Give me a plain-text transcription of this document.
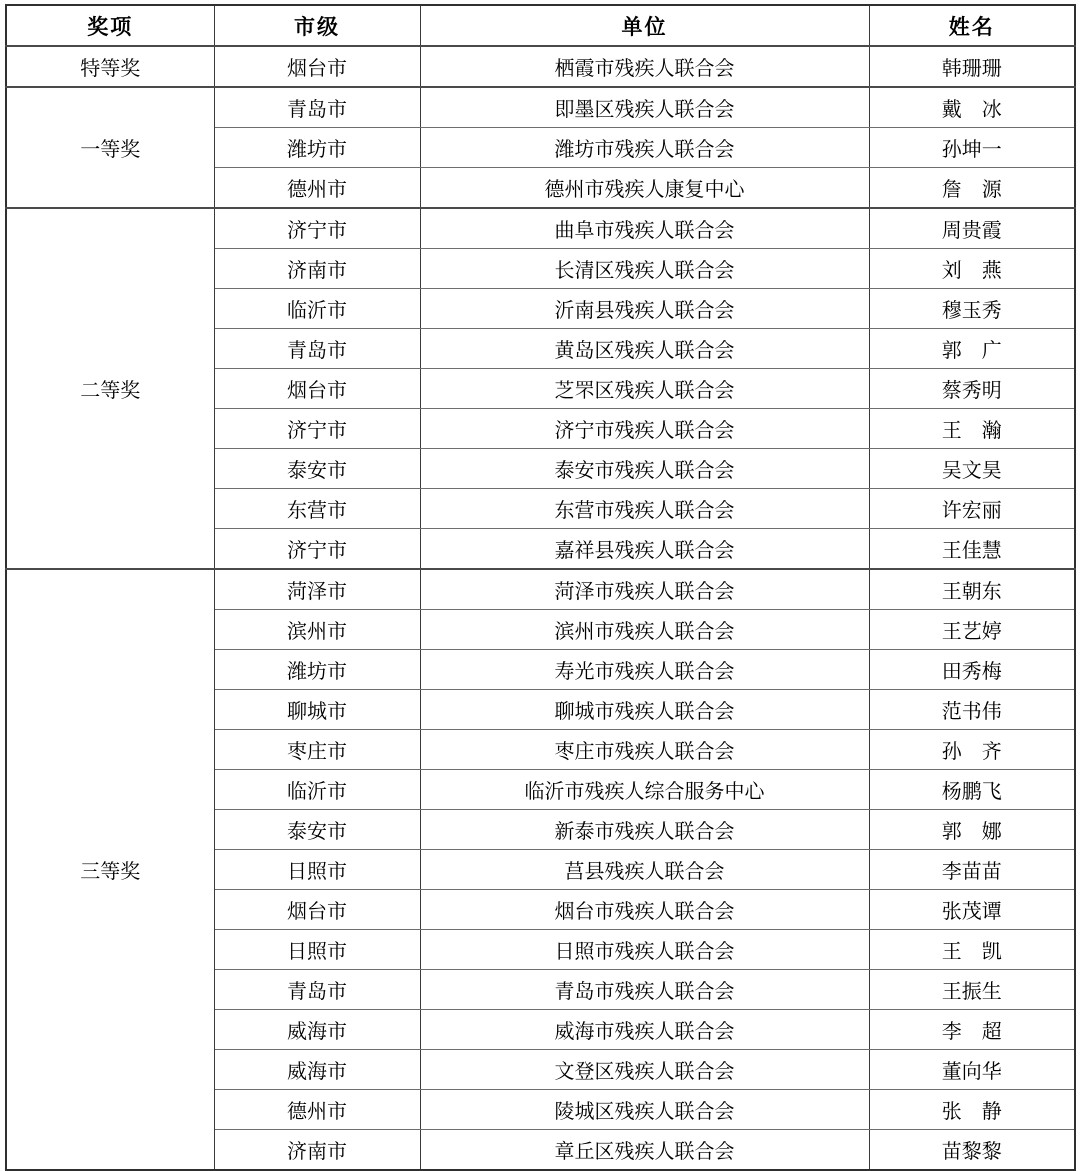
奖项	市级	单位	姓名
特等奖	烟台市	栖霞市残疾人联合会	韩珊珊
一等奖	青岛市	即墨区残疾人联合会	戴　冰
	潍坊市	潍坊市残疾人联合会	孙坤一
	德州市	德州市残疾人康复中心	詹　源
二等奖	济宁市	曲阜市残疾人联合会	周贵霞
	济南市	长清区残疾人联合会	刘　燕
	临沂市	沂南县残疾人联合会	穆玉秀
	青岛市	黄岛区残疾人联合会	郭　广
	烟台市	芝罘区残疾人联合会	蔡秀明
	济宁市	济宁市残疾人联合会	王　瀚
	泰安市	泰安市残疾人联合会	吴文昊
	东营市	东营市残疾人联合会	许宏丽
	济宁市	嘉祥县残疾人联合会	王佳慧
三等奖	菏泽市	菏泽市残疾人联合会	王朝东
	滨州市	滨州市残疾人联合会	王艺婷
	潍坊市	寿光市残疾人联合会	田秀梅
	聊城市	聊城市残疾人联合会	范书伟
	枣庄市	枣庄市残疾人联合会	孙　齐
	临沂市	临沂市残疾人综合服务中心	杨鹏飞
	泰安市	新泰市残疾人联合会	郭　娜
	日照市	莒县残疾人联合会	李苗苗
	烟台市	烟台市残疾人联合会	张茂谭
	日照市	日照市残疾人联合会	王　凯
	青岛市	青岛市残疾人联合会	王振生
	威海市	威海市残疾人联合会	李　超
	威海市	文登区残疾人联合会	董向华
	德州市	陵城区残疾人联合会	张　静
	济南市	章丘区残疾人联合会	苗黎黎
